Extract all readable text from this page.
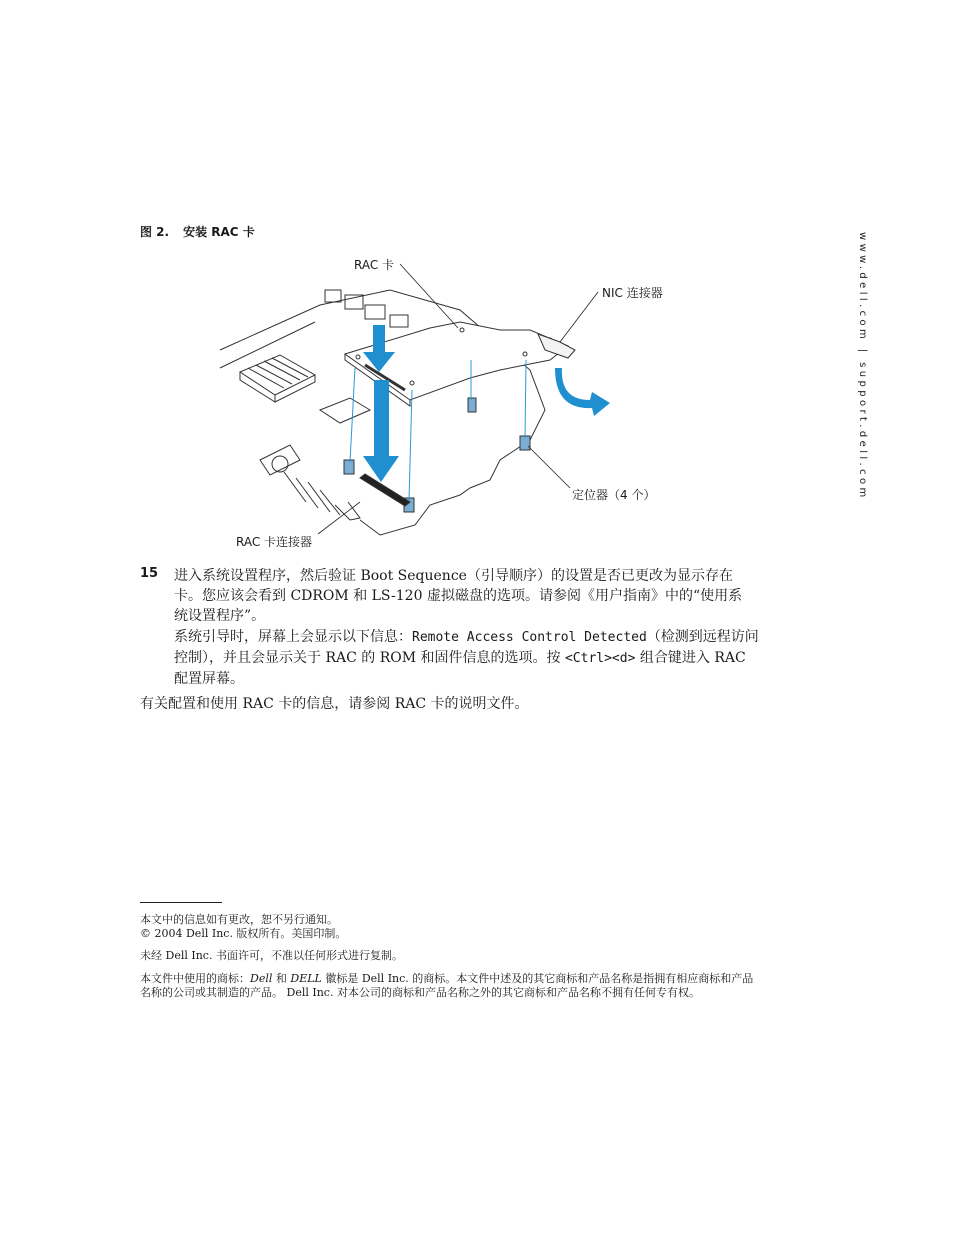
www.dell.com | support.dell.com
图 2. 安装 RAC 卡
RAC 卡
NIC 连接器
定位器（4 个）
RAC 卡连接器
15 进入系统设置程序，然后验证 Boot Sequence（引导顺序）的设置是否已更改为显示存在卡。您应该会看到 CDROM 和 LS-120 虚拟磁盘的选项。请参阅《用户指南》中的“使用系统设置程序”。
系统引导时，屏幕上会显示以下信息：Remote Access Control Detected（检测到远程访问控制），并且会显示关于 RAC 的 ROM 和固件信息的选项。按 <Ctrl><d> 组合键进入 RAC 配置屏幕。
有关配置和使用 RAC 卡的信息，请参阅 RAC 卡的说明文件。
本文中的信息如有更改，恕不另行通知。
© 2004 Dell Inc. 版权所有。美国印制。
未经 Dell Inc. 书面许可，不准以任何形式进行复制。
本文件中使用的商标：Dell 和 DELL 徽标是 Dell Inc. 的商标。本文件中述及的其它商标和产品名称是指拥有相应商标和产品名称的公司或其制造的产品。 Dell Inc. 对本公司的商标和产品名称之外的其它商标和产品名称不拥有任何专有权。
